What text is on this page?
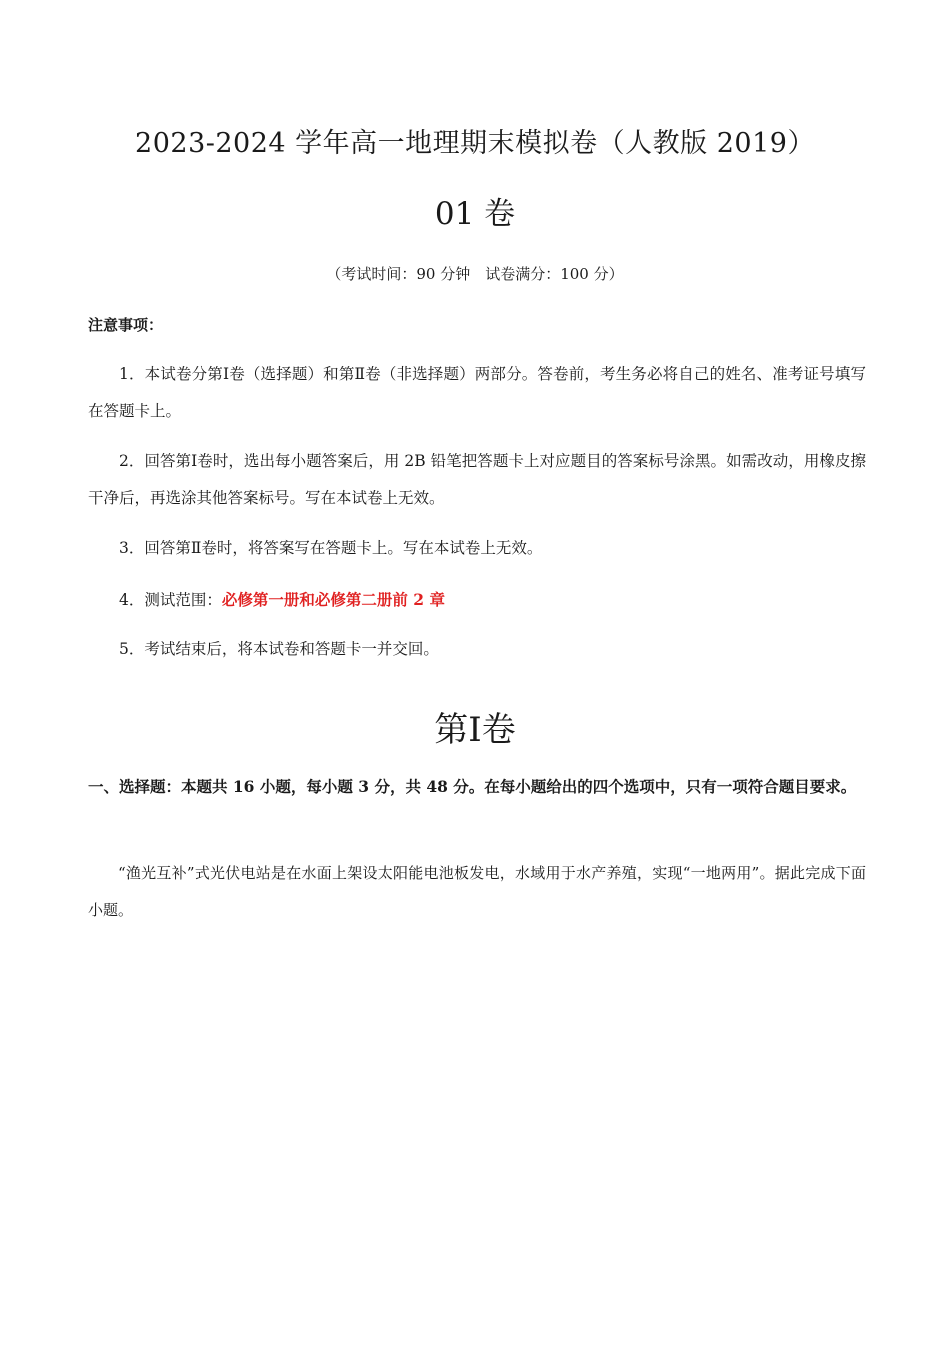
2023-2024 学年高一地理期末模拟卷（人教版 2019）
01 卷
（考试时间：90 分钟　试卷满分：100 分）
注意事项：
1．本试卷分第Ⅰ卷（选择题）和第Ⅱ卷（非选择题）两部分。答卷前，考生务必将自己的姓名、准考证号填写在答题卡上。
2．回答第Ⅰ卷时，选出每小题答案后，用 2B 铅笔把答题卡上对应题目的答案标号涂黑。如需改动，用橡皮擦干净后，再选涂其他答案标号。写在本试卷上无效。
3．回答第Ⅱ卷时，将答案写在答题卡上。写在本试卷上无效。
4．测试范围：必修第一册和必修第二册前 2 章
5．考试结束后，将本试卷和答题卡一并交回。
第Ⅰ卷
一、选择题：本题共 16 小题，每小题 3 分，共 48 分。在每小题给出的四个选项中，只有一项符合题目要求。
“渔光互补”式光伏电站是在水面上架设太阳能电池板发电，水域用于水产养殖，实现“一地两用”。据此完成下面小题。
